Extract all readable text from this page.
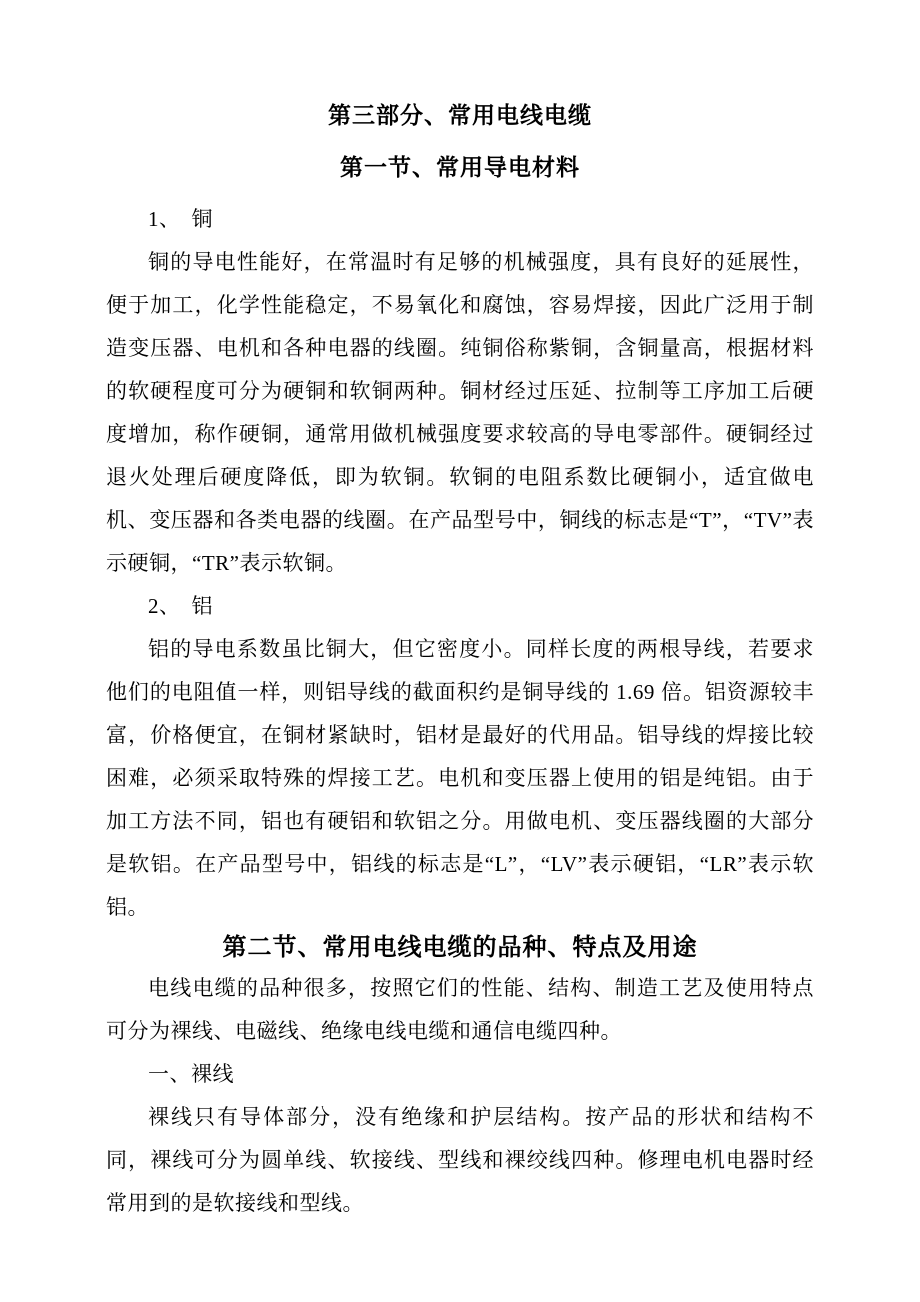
第三部分、常用电线电缆
第一节、常用导电材料

1、　铜

铜的导电性能好，在常温时有足够的机械强度，具有良好的延展性，便于加工，化学性能稳定，不易氧化和腐蚀，容易焊接，因此广泛用于制造变压器、电机和各种电器的线圈。纯铜俗称紫铜，含铜量高，根据材料的软硬程度可分为硬铜和软铜两种。铜材经过压延、拉制等工序加工后硬度增加，称作硬铜，通常用做机械强度要求较高的导电零部件。硬铜经过退火处理后硬度降低，即为软铜。软铜的电阻系数比硬铜小，适宜做电机、变压器和各类电器的线圈。在产品型号中，铜线的标志是“T”，“TV”表示硬铜，“TR”表示软铜。

2、　铝

铝的导电系数虽比铜大，但它密度小。同样长度的两根导线，若要求他们的电阻值一样，则铝导线的截面积约是铜导线的 1.69 倍。铝资源较丰富，价格便宜，在铜材紧缺时，铝材是最好的代用品。铝导线的焊接比较困难，必须采取特殊的焊接工艺。电机和变压器上使用的铝是纯铝。由于加工方法不同，铝也有硬铝和软铝之分。用做电机、变压器线圈的大部分是软铝。在产品型号中，铝线的标志是“L”，“LV”表示硬铝，“LR”表示软铝。

第二节、常用电线电缆的品种、特点及用途

电线电缆的品种很多，按照它们的性能、结构、制造工艺及使用特点可分为裸线、电磁线、绝缘电线电缆和通信电缆四种。

一、裸线

裸线只有导体部分，没有绝缘和护层结构。按产品的形状和结构不同，裸线可分为圆单线、软接线、型线和裸绞线四种。修理电机电器时经常用到的是软接线和型线。
